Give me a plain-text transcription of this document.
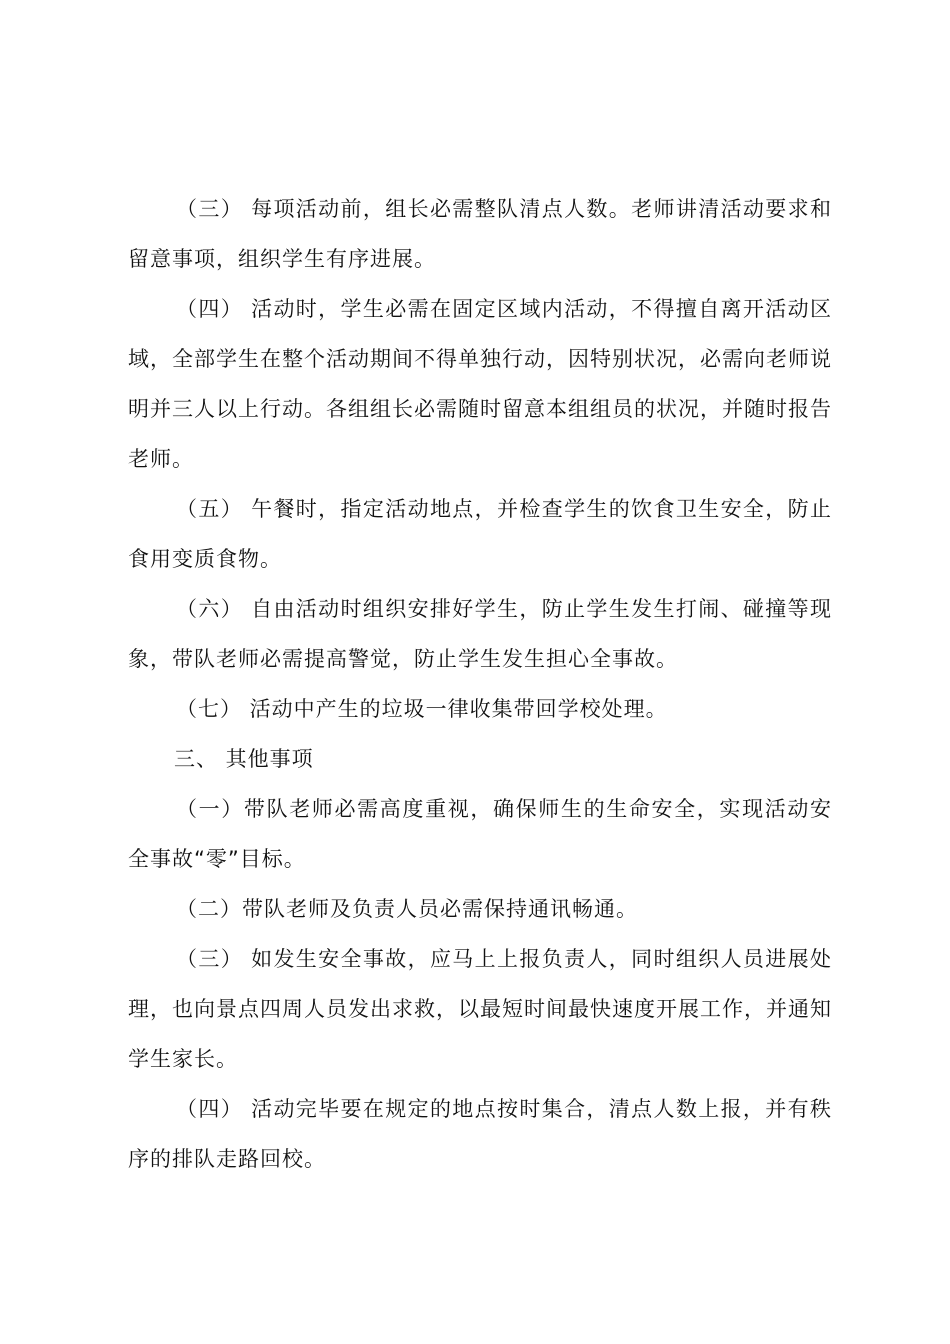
（三） 每项活动前，组长必需整队清点人数。老师讲清活动要求和留意事项，组织学生有序进展。

（四） 活动时，学生必需在固定区域内活动，不得擅自离开活动区域，全部学生在整个活动期间不得单独行动，因特别状况，必需向老师说明并三人以上行动。各组组长必需随时留意本组组员的状况，并随时报告老师。

（五） 午餐时，指定活动地点，并检查学生的饮食卫生安全，防止食用变质食物。

（六） 自由活动时组织安排好学生，防止学生发生打闹、碰撞等现象，带队老师必需提高警觉，防止学生发生担心全事故。

（七） 活动中产生的垃圾一律收集带回学校处理。

三、 其他事项

（一）带队老师必需高度重视，确保师生的生命安全，实现活动安全事故“零”目标。

（二）带队老师及负责人员必需保持通讯畅通。

（三） 如发生安全事故，应马上上报负责人，同时组织人员进展处理，也向景点四周人员发出求救，以最短时间最快速度开展工作，并通知学生家长。

（四） 活动完毕要在规定的地点按时集合，清点人数上报，并有秩序的排队走路回校。
